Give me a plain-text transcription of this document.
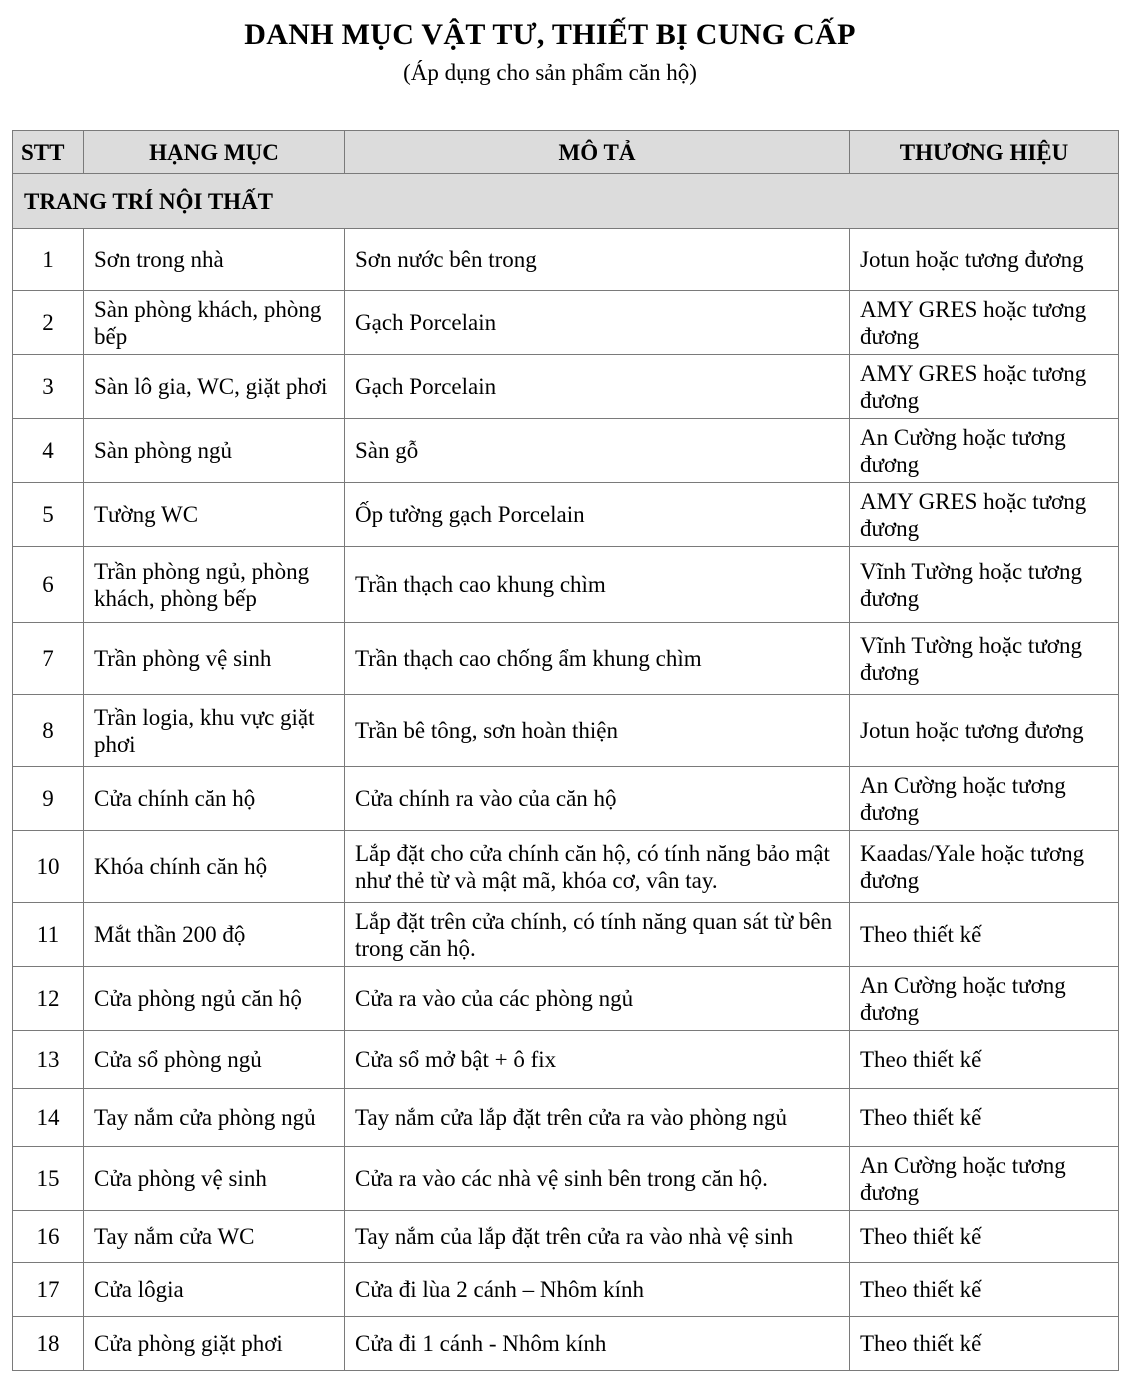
DANH MỤC VẬT TƯ, THIẾT BỊ CUNG CẤP
(Áp dụng cho sản phẩm căn hộ)
STT	HẠNG MỤC	MÔ TẢ	THƯƠNG HIỆU
TRANG TRÍ NỘI THẤT			
1	Sơn trong nhà	Sơn nước bên trong	Jotun hoặc tương đương
2	Sàn phòng khách, phòng bếp	Gạch Porcelain	AMY GRES hoặc tương đương
3	Sàn lô gia, WC, giặt phơi	Gạch Porcelain	AMY GRES hoặc tương đương
4	Sàn phòng ngủ	Sàn gỗ	An Cường hoặc tương đương
5	Tường WC	Ốp tường gạch Porcelain	AMY GRES hoặc tương đương
6	Trần phòng ngủ, phòng khách, phòng bếp	Trần thạch cao khung chìm	Vĩnh Tường hoặc tương đương
7	Trần phòng vệ sinh	Trần thạch cao chống ẩm khung chìm	Vĩnh Tường hoặc tương đương
8	Trần logia, khu vực giặt phơi	Trần bê tông, sơn hoàn thiện	Jotun hoặc tương đương
9	Cửa chính căn hộ	Cửa chính ra vào của căn hộ	An Cường hoặc tương đương
10	Khóa chính căn hộ	Lắp đặt cho cửa chính căn hộ, có tính năng bảo mật như thẻ từ và mật mã, khóa cơ, vân tay.	Kaadas/Yale hoặc tương đương
11	Mắt thần 200 độ	Lắp đặt trên cửa chính, có tính năng quan sát từ bên trong căn hộ.	Theo thiết kế
12	Cửa phòng ngủ căn hộ	Cửa ra vào của các phòng ngủ	An Cường hoặc tương đương
13	Cửa sổ phòng ngủ	Cửa sổ mở bật + ô fix	Theo thiết kế
14	Tay nắm cửa phòng ngủ	Tay nắm cửa lắp đặt trên cửa ra vào phòng ngủ	Theo thiết kế
15	Cửa phòng vệ sinh	Cửa ra vào các nhà vệ sinh bên trong căn hộ.	An Cường hoặc tương đương
16	Tay nắm cửa WC	Tay nắm của lắp đặt trên cửa ra vào nhà vệ sinh	Theo thiết kế
17	Cửa lôgia	Cửa đi lùa 2 cánh – Nhôm kính	Theo thiết kế
18	Cửa phòng giặt phơi	Cửa đi 1 cánh - Nhôm kính	Theo thiết kế
